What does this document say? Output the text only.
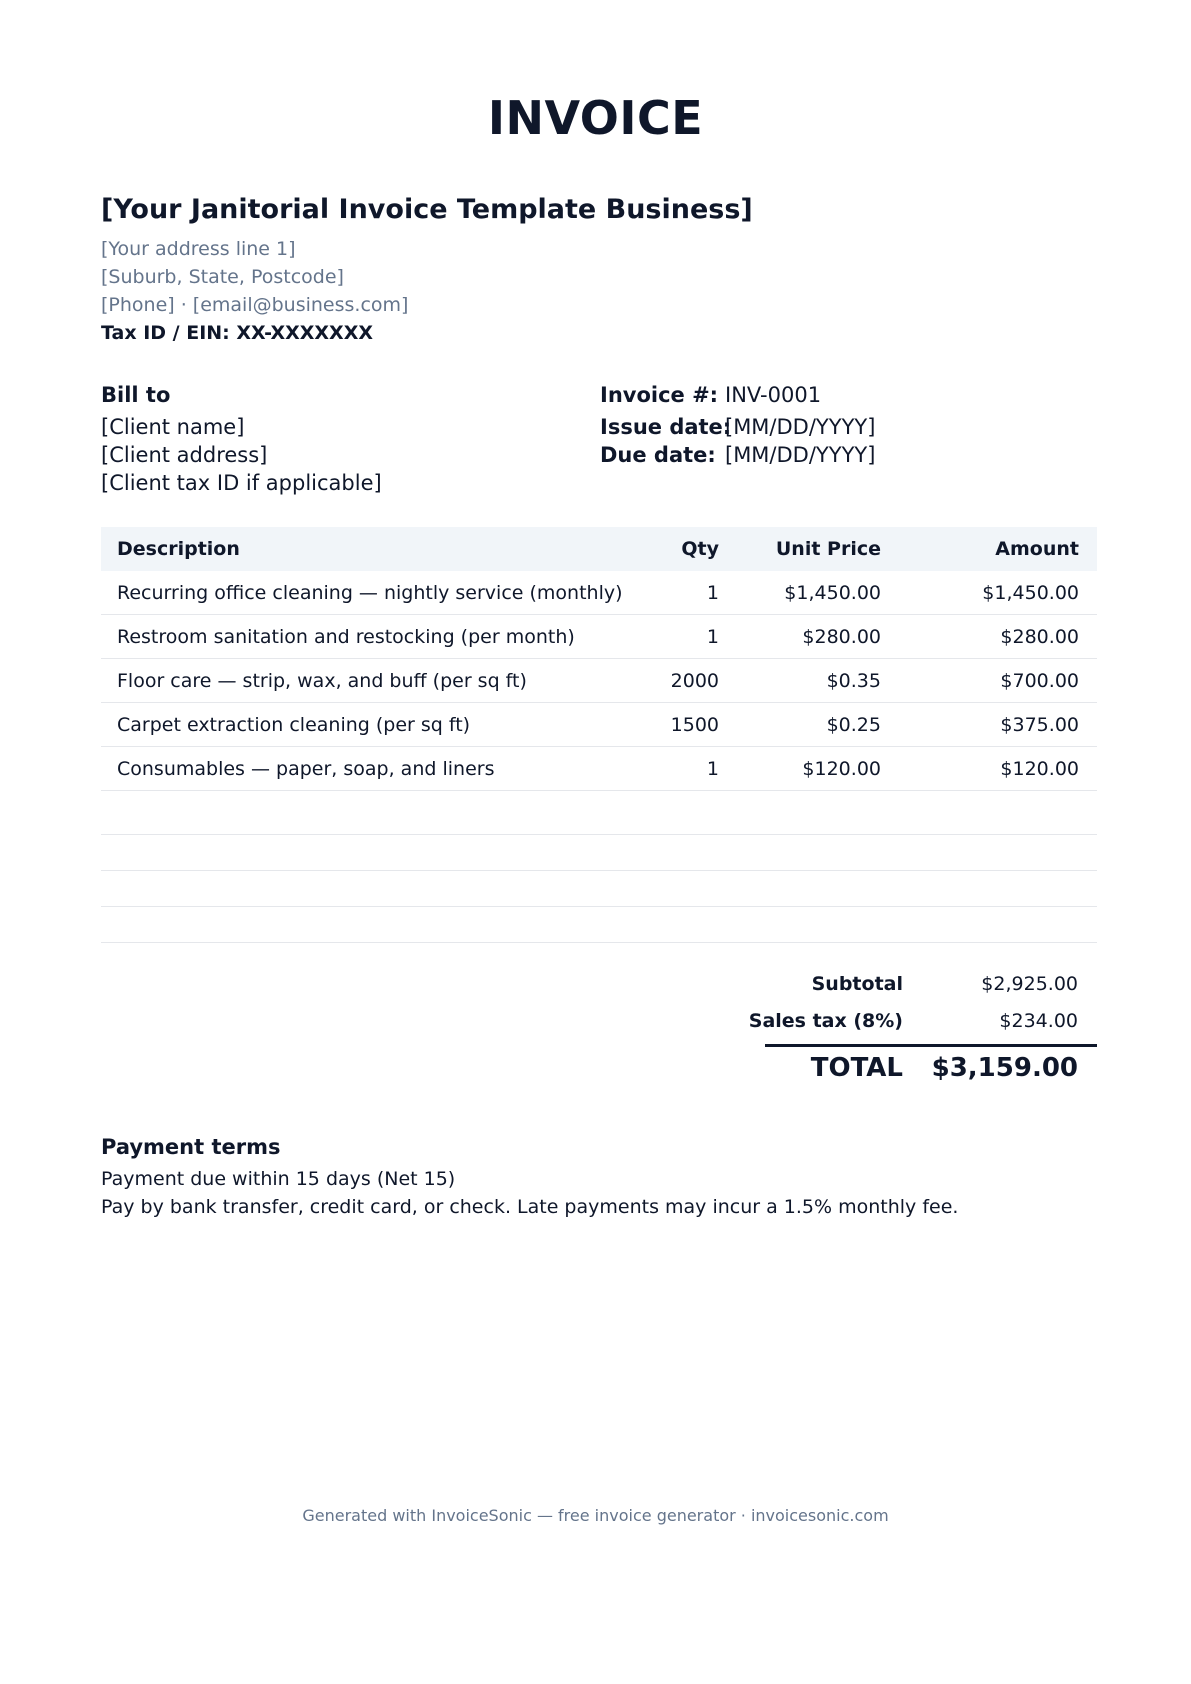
INVOICE
[Your Janitorial Invoice Template Business]
[Your address line 1]
[Suburb, State, Postcode]
[Phone] · [email@business.com]
Tax ID / EIN: XX-XXXXXXX
Bill to
[Client name]
[Client address]
[Client tax ID if applicable]
Invoice #: INV-0001
Issue date:
[MM/DD/YYYY]
Due date: [MM/DD/YYYY]
Description	Qty	Unit Price	Amount
Recurring office cleaning — nightly service (monthly)	1	$1,450.00	$1,450.00
Restroom sanitation and restocking (per month)	1	$280.00	$280.00
Floor care — strip, wax, and buff (per sq ft)	2000	$0.35	$700.00
Carpet extraction cleaning (per sq ft)	1500	$0.25	$375.00
Consumables — paper, soap, and liners	1	$120.00	$120.00

Subtotal	$2,925.00
Sales tax (8%)	$234.00
TOTAL	$3,159.00
Payment terms
Payment due within 15 days (Net 15)
Pay by bank transfer, credit card, or check. Late payments may incur a 1.5% monthly fee.
Generated with InvoiceSonic — free invoice generator · invoicesonic.com
